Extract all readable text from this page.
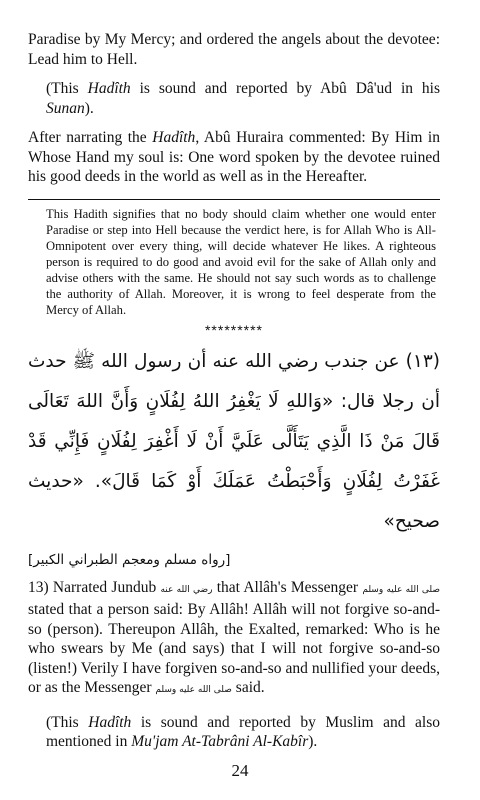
Paradise by My Mercy; and ordered the angels about the devotee: Lead him to Hell.

(This Hadîth is sound and reported by Abû Dâ'ud in his Sunan).

After narrating the Hadîth, Abû Huraira commented: By Him in Whose Hand my soul is: One word spoken by the devotee ruined his good deeds in the world as well as in the Hereafter.

This Hadith signifies that no body should claim whether one would enter Paradise or step into Hell because the verdict here, is for Allah Who is All-Omnipotent over every thing, will decide whatever He likes. A righteous person is required to do good and avoid evil for the sake of Allah only and advise others with the same. He should not say such words as to challenge the authority of Allah. Moreover, it is wrong to feel desperate from the Mercy of Allah.

*********

(١٣) عن جندب رضي الله عنه أن رسول الله ﷺ حدث أن رجلا قال: «وَاللهِ لَا يَغْفِرُ اللهُ لِفُلَانٍ وَأَنَّ اللهَ تَعَالَى قَالَ مَنْ ذَا الَّذِي يَتَأَلَّى عَلَيَّ أَنْ لَا أَغْفِرَ لِفُلَانٍ فَإِنِّي قَدْ غَفَرْتُ لِفُلَانٍ وَأَحْبَطْتُ عَمَلَكَ أَوْ كَمَا قَالَ». «حديث صحيح»

[رواه مسلم ومعجم الطبراني الكبير]

13) Narrated Jundub رضي الله عنه that Allâh's Messenger صلى الله عليه وسلم stated that a person said: By Allâh! Allâh will not forgive so-and-so (person). Thereupon Allâh, the Exalted, remarked: Who is he who swears by Me (and says) that I will not forgive so-and-so (listen!) Verily I have forgiven so-and-so and nullified your deeds, or as the Messenger صلى الله عليه وسلم said.

(This Hadîth is sound and reported by Muslim and also mentioned in Mu'jam At-Tabrâni Al-Kabîr).

24
